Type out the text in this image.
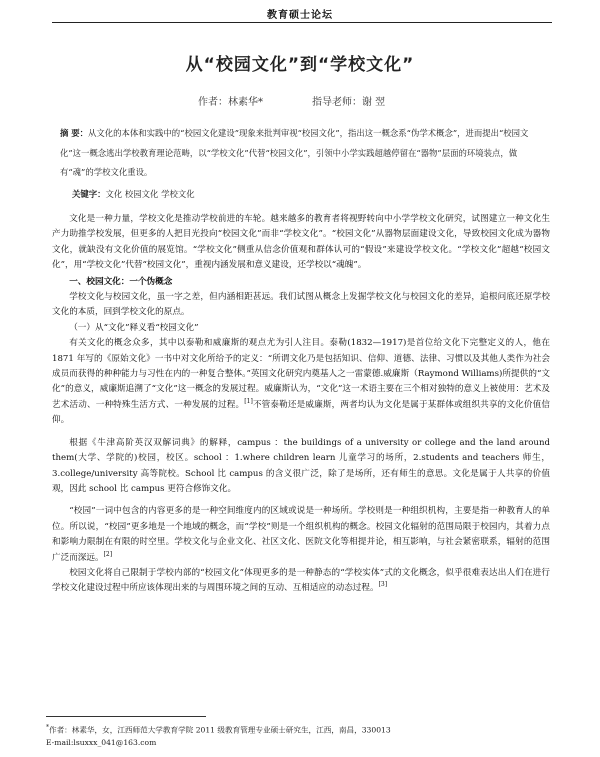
教育硕士论坛
从“校园文化”到“学校文化”
作者：林素华*	指导老师：谢 翌
摘 要：从文化的本体和实践中的“校园文化建设”现象来批判审视“校园文化”，指出这一概念系“伪学术概念”，进而提出“校园文化”这一概念逃出学校教育理论范畴，以“学校文化”代替“校园文化”，引领中小学实践超越停留在“器物”层面的环境装点，做有“魂”的学校文化重设。
关键字：文化 校园文化 学校文化

文化是一种力量，学校文化是推动学校前进的车轮。越来越多的教育者将视野转向中小学学校文化研究，试图建立一种文化生产力助推学校发展，但更多的人把目光投向“校园文化”而非“学校文化”。“校园文化”从器物层面建设文化，导致校园文化成为器物文化，就缺没有文化价值的展览馆。“学校文化”侧重从信念价值观和群体认可的“假设”来建设学校文化。“学校文化”超越“校园文化”，用“学校文化”代替“校园文化”，重视内涵发展和意义建设，还学校以“魂魄”。

一、校园文化：一个伪概念

学校文化与校园文化，虽一字之差，但内涵相距甚远。我们试图从概念上发掘学校文化与校园文化的差异，追根问底还原学校文化的本质，回到学校文化的原点。

（一）从“文化”释义看“校园文化”

有关文化的概念众多，其中以泰勒和威廉斯的观点尤为引人注目。泰勒(1832—1917)是首位给文化下完整定义的人，他在 1871 年写的《原始文化》一书中对文化所给予的定义：“所谓文化乃是包括知识、信仰、道德、法律、习惯以及其他人类作为社会成员而获得的种种能力与习性在内的一种复合整体。”英国文化研究内奠基人之一雷蒙德.威廉斯（Raymond Williams)所提供的“文化”的意义，威廉斯追溯了“文化”这一概念的发展过程。威廉斯认为，“文化”这一术语主要在三个相对独特的意义上被使用：艺术及艺术活动、一种特殊生活方式、一种发展的过程。[1]不管泰勒还是威廉斯，两者均认为文化是属于某群体或组织共享的文化价值信仰。

根据《牛津高阶英汉双解词典》的解释，campus ：the buildings of a university or college and the land around them(大学、学院的)校园，校区。school ：1.where children learn 儿童学习的场所，2.students and teachers 师生，3.college/university 高等院校。School 比 campus 的含义很广泛，除了是场所，还有师生的意思。文化是属于人共享的价值观，因此 school 比 campus 更符合修饰文化。

“校园”一词中包含的内容更多的是一种空间维度内的区域或说是一种场所。学校则是一种组织机构，主要是指一种教育人的单位。所以说，“校园”更多地是一个地域的概念，而“学校”则是一个组织机构的概念。校园文化辐射的范围局限于校园内，其着力点和影响力限制在有限的时空里。学校文化与企业文化、社区文化、医院文化等相提并论，相互影响，与社会紧密联系，辐射的范围广泛而深远。[2]

校园文化将自己限制于学校内部的“校园文化”体现更多的是一种静态的“学校实体”式的文化概念，似乎很难表达出人们在进行学校文化建设过程中所应该体现出来的与周围环境之间的互动、互相适应的动态过程。[3]

*作者：林素华，女，江西师范大学教育学院 2011 级教育管理专业硕士研究生，江西，南昌，330013
E-mail:lsuxxx_041@163.com
